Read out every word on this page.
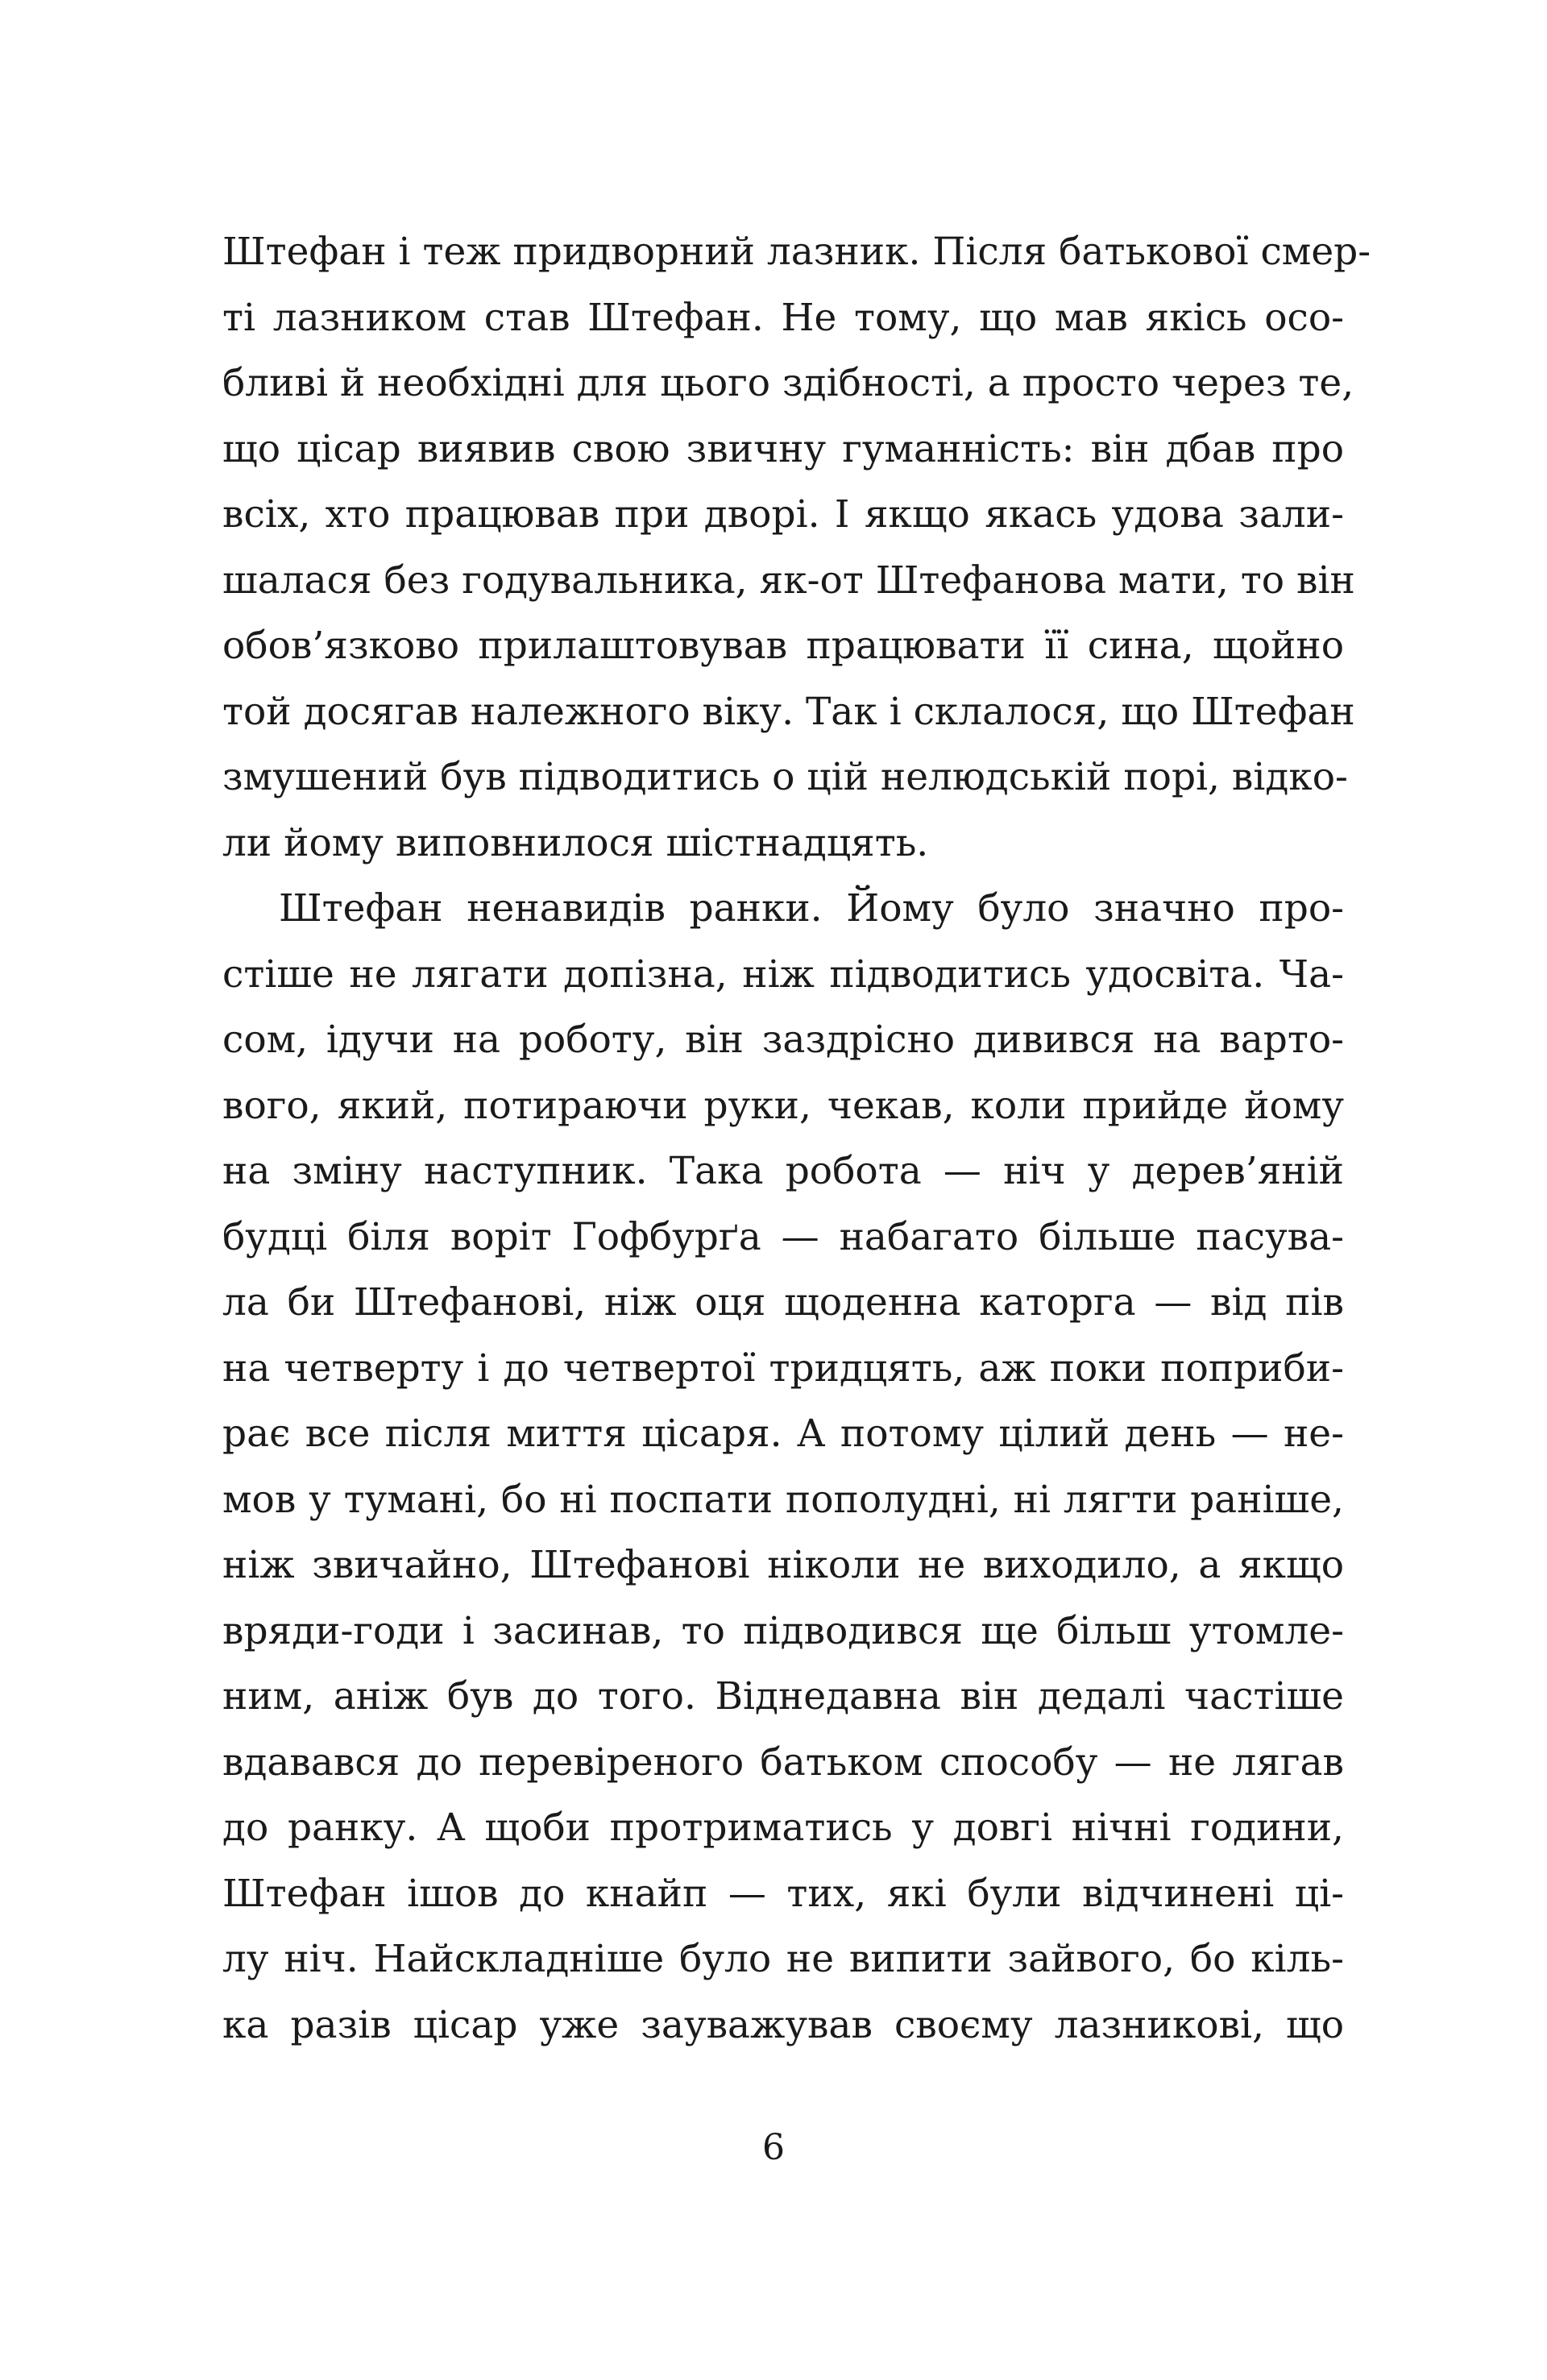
Штефан і теж придворний лазник. Після батькової смер-
ті лазником став Штефан. Не тому, що мав якісь осо-
бливі й необхідні для цього здібності, а просто через те,
що цісар виявив свою звичну гуманність: він дбав про
всіх, хто працював при дворі. І якщо якась удова зали-
шалася без годувальника, як-от Штефанова мати, то він
обов’язково прилаштовував працювати її сина, щойно
той досягав належного віку. Так і склалося, що Штефан
змушений був підводитись о цій нелюдській порі, відко-
ли йому виповнилося шістнадцять.
Штефан ненавидів ранки. Йому було значно про-
стіше не лягати допізна, ніж підводитись удосвіта. Ча-
сом, ідучи на роботу, він заздрісно дивився на варто-
вого, який, потираючи руки, чекав, коли прийде йому
на зміну наступник. Така робота — ніч у дерев’яній
будці біля воріт Гофбурґа — набагато більше пасува-
ла би Штефанові, ніж оця щоденна каторга — від пів
на четверту і до четвертої тридцять, аж поки поприби-
рає все після миття цісаря. А потому цілий день — не-
мов у тумані, бо ні поспати пополудні, ні лягти раніше,
ніж звичайно, Штефанові ніколи не виходило, а якщо
вряди-годи і засинав, то підводився ще більш утомле-
ним, аніж був до того. Віднедавна він дедалі частіше
вдавався до перевіреного батьком способу — не лягав
до ранку. А щоби протриматись у довгі нічні години,
Штефан ішов до кнайп — тих, які були відчинені ці-
лу ніч. Найскладніше було не випити зайвого, бо кіль-
ка разів цісар уже зауважував своєму лазникові, що
6
